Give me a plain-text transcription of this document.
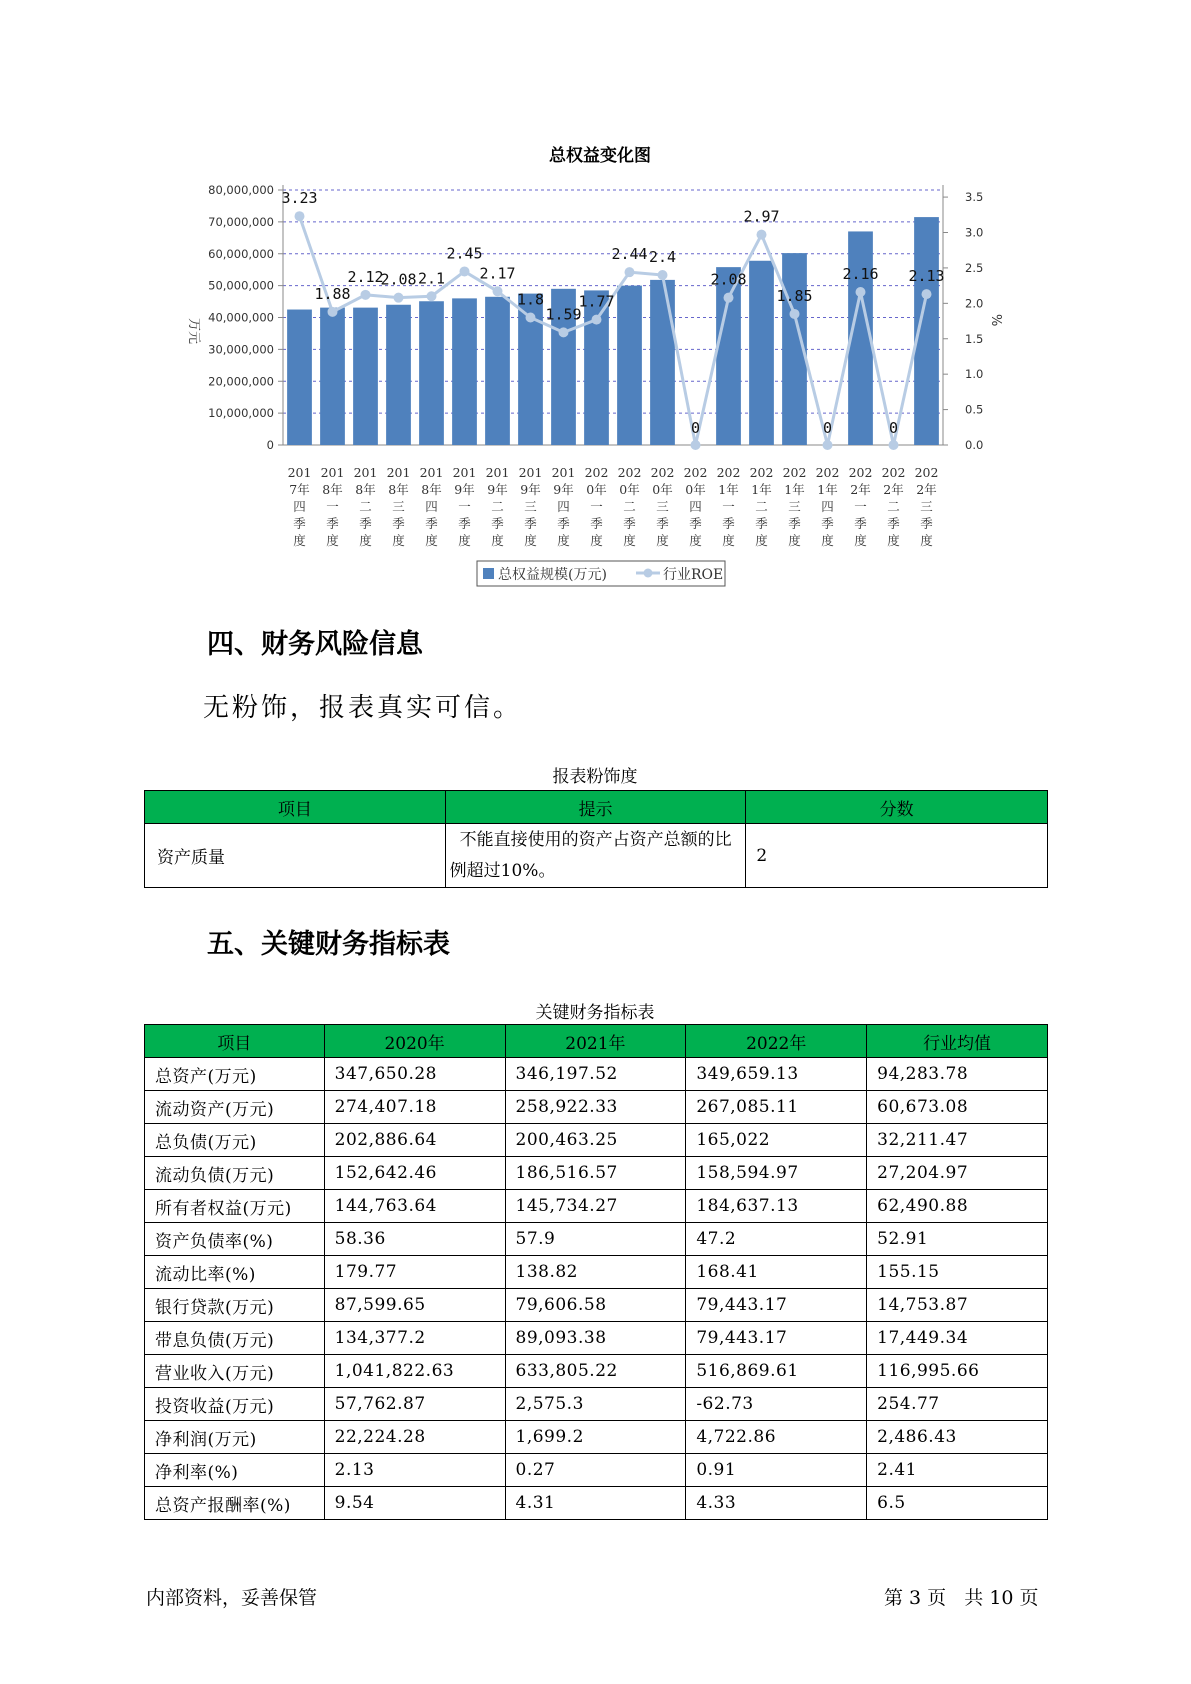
总权益变化图
0
10,000,000
20,000,000
30,000,000
40,000,000
50,000,000
60,000,000
70,000,000
80,000,000
0.0
0.5
1.0
1.5
2.0
2.5
3.0
3.5
万元	%
3.23
1.88
2.12
2.08 2.1
2.45
2.17
1.8
1.59
1.77
2.44 2.4
0
2.08
2.97
1.85
0
2.16
0
2.13
201
7年
四
季
度
201
8年
一
季
度
201
8年
二
季
度
201
8年
三
季
度
201
8年
四
季
度
201
9年
一
季
度
201
9年
二
季
度
201
9年
三
季
度
201
9年
四
季
度
202
0年
一
季
度
202
0年
二
季
度
202
0年
三
季
度
202
0年
四
季
度
202
1年
一
季
度
202
1年
二
季
度
202
1年
三
季
度
202
1年
四
季
度
202
2年
一
季
度
202
2年
二
季
度
202
2年
三
季
度
总权益规模(万元)	行业ROE
四、财务风险信息

无粉饰，报表真实可信。

报表粉饰度

项目	提示	分数
资产质量	不能直接使用的资产占资产总额的比例超过10%。	2
五、关键财务指标表

关键财务指标表

项目	2020年	2021年	2022年	行业均值
总资产(万元)	347,650.28	346,197.52	349,659.13	94,283.78
流动资产(万元)	274,407.18	258,922.33	267,085.11	60,673.08
总负债(万元)	202,886.64	200,463.25	165,022	32,211.47
流动负债(万元)	152,642.46	186,516.57	158,594.97	27,204.97
所有者权益(万元)	144,763.64	145,734.27	184,637.13	62,490.88
资产负债率(%)	58.36	57.9	47.2	52.91
流动比率(%)	179.77	138.82	168.41	155.15
银行贷款(万元)	87,599.65	79,606.58	79,443.17	14,753.87
带息负债(万元)	134,377.2	89,093.38	79,443.17	17,449.34
营业收入(万元)	1,041,822.63	633,805.22	516,869.61	116,995.66
投资收益(万元)	57,762.87	2,575.3	-62.73	254.77
净利润(万元)	22,224.28	1,699.2	4,722.86	2,486.43
净利率(%)	2.13	0.27	0.91	2.41
总资产报酬率(%)	9.54	4.31	4.33	6.5

内部资料，妥善保管	第 3 页   共 10 页
